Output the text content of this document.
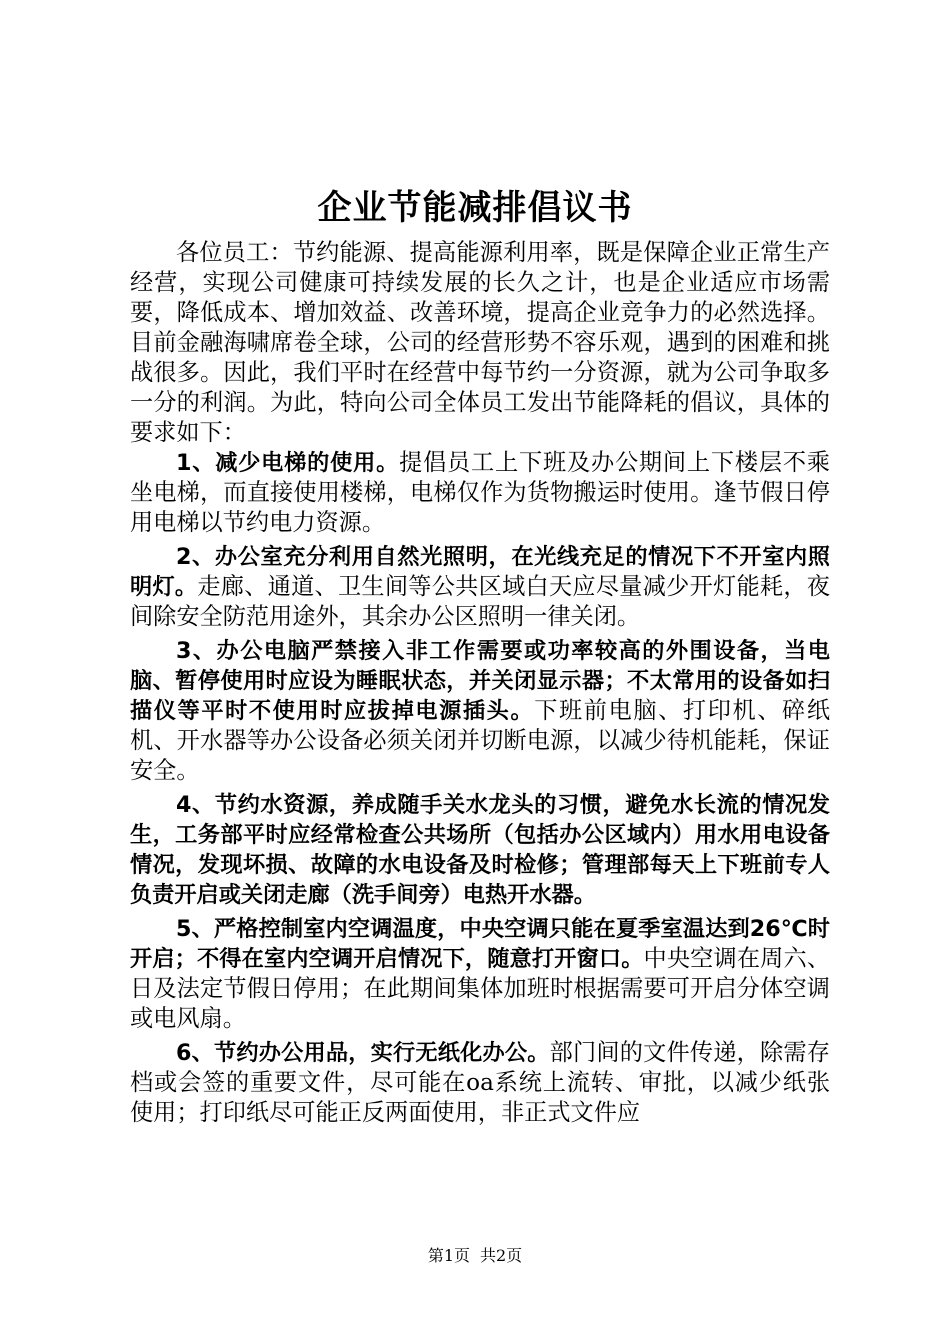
企业节能减排倡议书

各位员工：节约能源、提高能源利用率，既是保障企业正常生产经营，实现公司健康可持续发展的长久之计，也是企业适应市场需要，降低成本、增加效益、改善环境，提高企业竞争力的必然选择。目前金融海啸席卷全球，公司的经营形势不容乐观，遇到的困难和挑战很多。因此，我们平时在经营中每节约一分资源，就为公司争取多一分的利润。为此，特向公司全体员工发出节能降耗的倡议，具体的要求如下：

1、减少电梯的使用。提倡员工上下班及办公期间上下楼层不乘坐电梯，而直接使用楼梯，电梯仅作为货物搬运时使用。逢节假日停用电梯以节约电力资源。

2、办公室充分利用自然光照明，在光线充足的情况下不开室内照明灯。走廊、通道、卫生间等公共区域白天应尽量减少开灯能耗，夜间除安全防范用途外，其余办公区照明一律关闭。

3、办公电脑严禁接入非工作需要或功率较高的外围设备，当电脑、暂停使用时应设为睡眠状态，并关闭显示器；不太常用的设备如扫描仪等平时不使用时应拔掉电源插头。下班前电脑、打印机、碎纸机、开水器等办公设备必须关闭并切断电源，以减少待机能耗，保证安全。

4、节约水资源，养成随手关水龙头的习惯，避免水长流的情况发生，工务部平时应经常检查公共场所（包括办公区域内）用水用电设备情况，发现坏损、故障的水电设备及时检修；管理部每天上下班前专人负责开启或关闭走廊（洗手间旁）电热开水器。

5、严格控制室内空调温度，中央空调只能在夏季室温达到26℃时开启；不得在室内空调开启情况下，随意打开窗口。中央空调在周六、日及法定节假日停用；在此期间集体加班时根据需要可开启分体空调或电风扇。

6、节约办公用品，实行无纸化办公。部门间的文件传递，除需存档或会签的重要文件，尽可能在oa系统上流转、审批，以减少纸张使用；打印纸尽可能正反两面使用，非正式文件应

第1页 共2页
